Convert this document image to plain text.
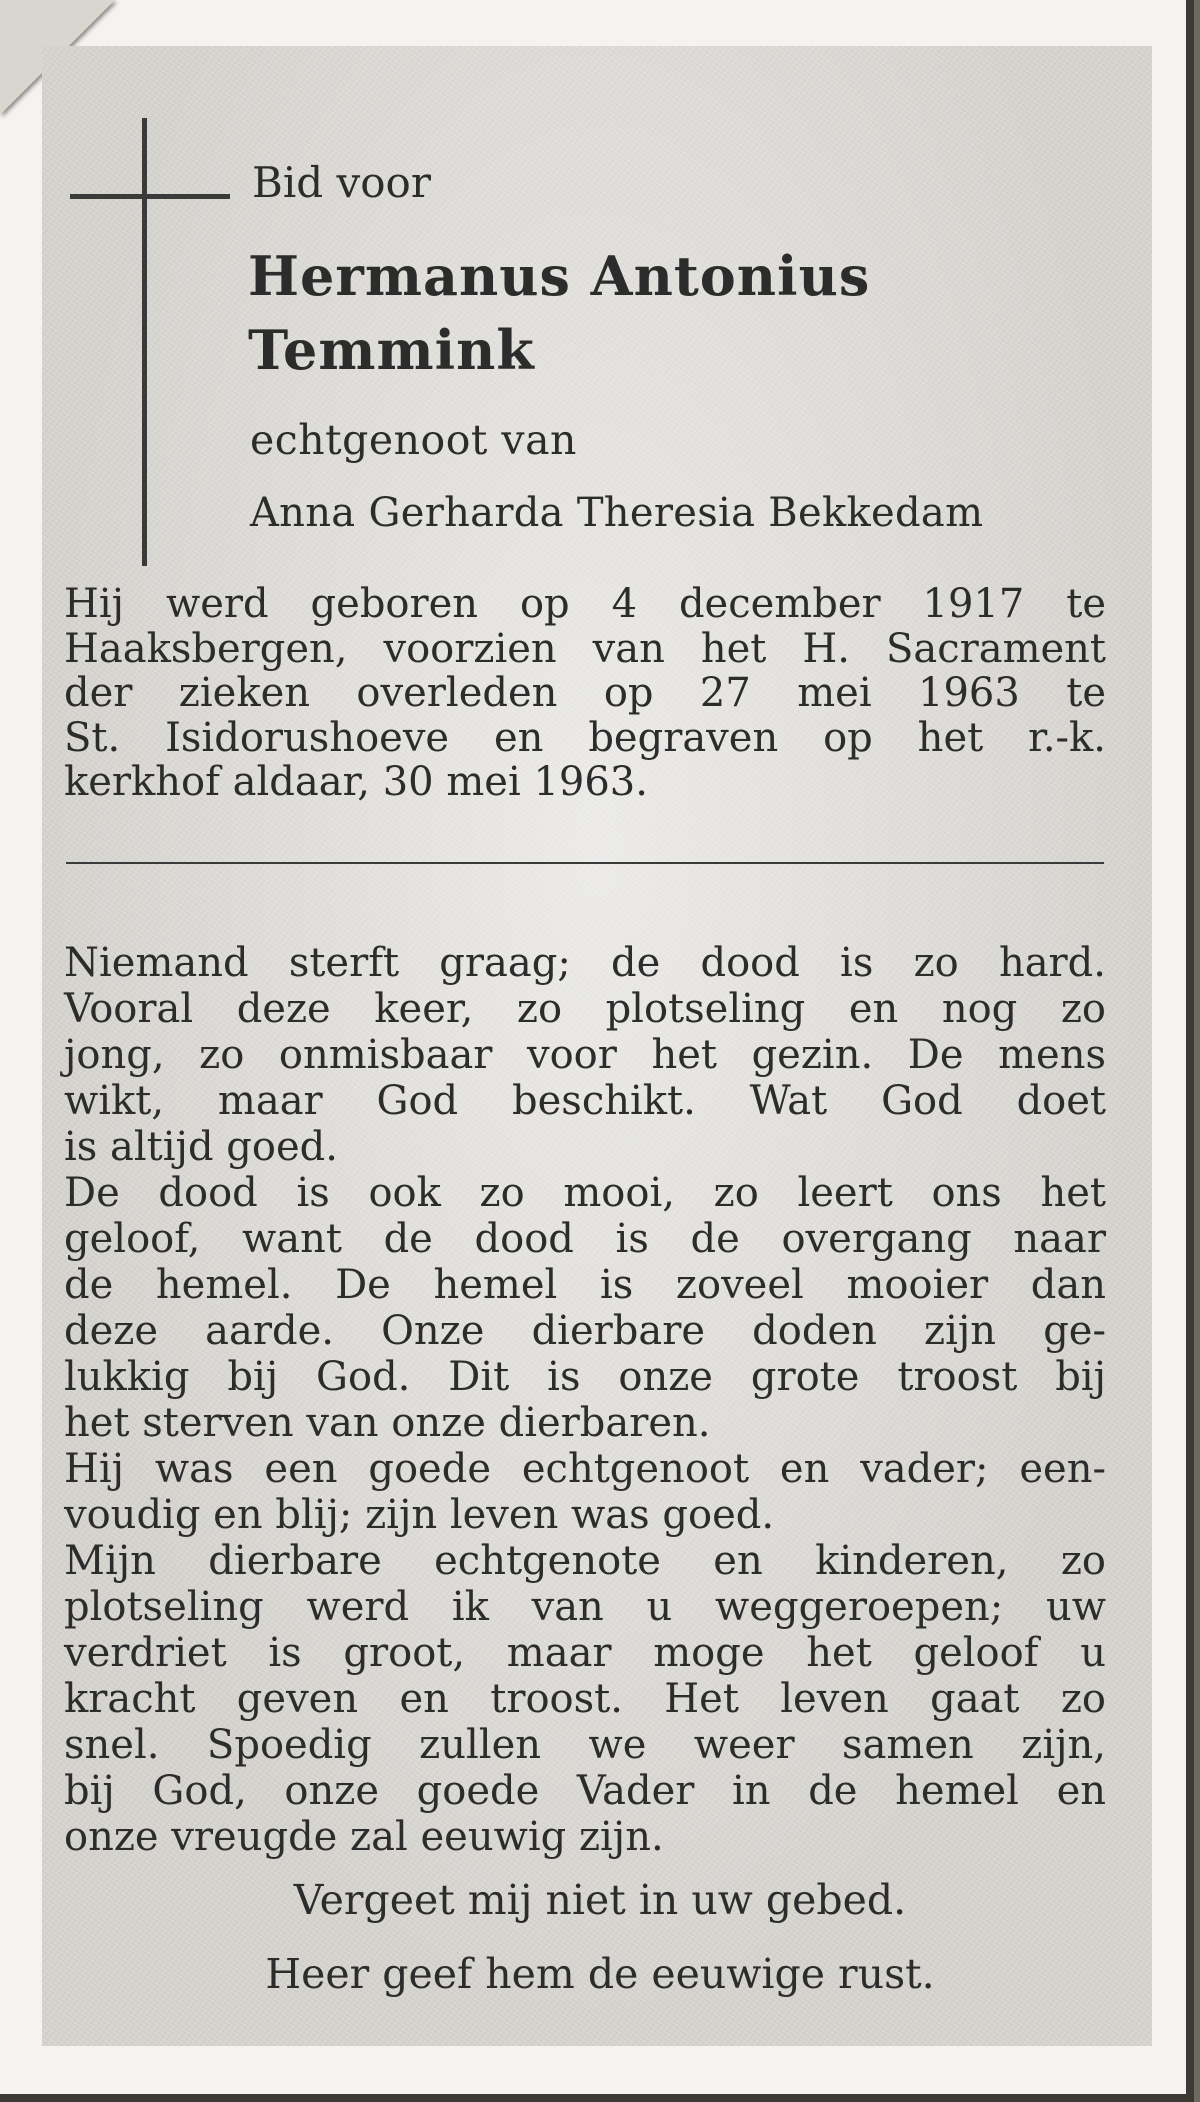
Bid voor
Hermanus Antonius
Temmink
echtgenoot van
Anna Gerharda Theresia Bekkedam

Hij werd geboren op 4 december 1917 te

Haaksbergen, voorzien van het H. Sacrament

der zieken overleden op 27 mei 1963 te

St. Isidorushoeve en begraven op het r.-k.

kerkhof aldaar, 30 mei 1963.

Niemand sterft graag; de dood is zo hard.

Vooral deze keer, zo plotseling en nog zo

jong, zo onmisbaar voor het gezin. De mens

wikt, maar God beschikt. Wat God doet

is altijd goed.

De dood is ook zo mooi, zo leert ons het

geloof, want de dood is de overgang naar

de hemel. De hemel is zoveel mooier dan

deze aarde. Onze dierbare doden zijn ge-

lukkig bij God. Dit is onze grote troost bij

het sterven van onze dierbaren.

Hij was een goede echtgenoot en vader; een-

voudig en blij; zijn leven was goed.

Mijn dierbare echtgenote en kinderen, zo

plotseling werd ik van u weggeroepen; uw

verdriet is groot, maar moge het geloof u

kracht geven en troost. Het leven gaat zo

snel. Spoedig zullen we weer samen zijn,

bij God, onze goede Vader in de hemel en

onze vreugde zal eeuwig zijn.

Vergeet mij niet in uw gebed.
Heer geef hem de eeuwige rust.
